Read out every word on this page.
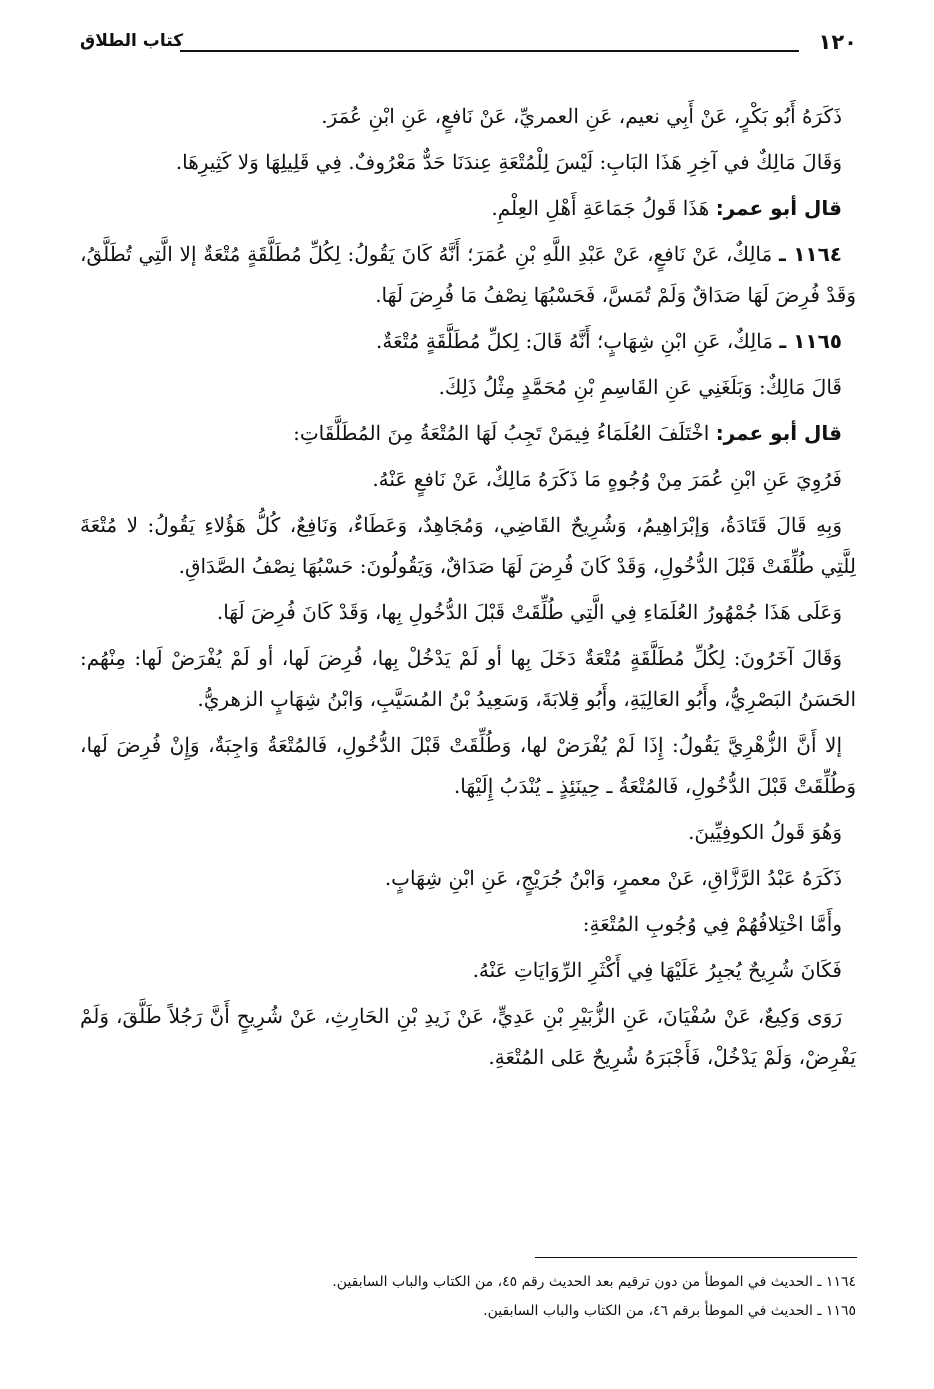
١٢٠
كتاب الطلاق

ذَكَرَهُ أَبُو بَكْرٍ، عَنْ أَبِي نعيم، عَنِ العمريِّ، عَنْ نَافعٍ، عَنِ ابْنِ عُمَرَ.

وَقَالَ مَالِكٌ في آخِرِ هَذَا البَابِ: لَيْسَ لِلْمُتْعَةِ عِندَنَا حَدٌّ مَعْرُوفٌ. فِي قَلِيلِهَا وَلا كَثِيرِهَا.

قال أبو عمر: هَذَا قَولُ جَمَاعَةِ أَهْلِ العِلْمِ.

١١٦٤ ـ مَالِكٌ، عَنْ نَافعٍ، عَنْ عَبْدِ اللَّهِ بْنِ عُمَرَ؛ أَنَّهُ كَانَ يَقُولُ: لِكُلِّ مُطَلَّقَةٍ مُتْعَةٌ إلا الَّتِي تُطَلَّقُ، وَقَدْ فُرِضَ لَهَا صَدَاقٌ وَلَمْ تُمَسَّ، فَحَسْبُهَا نِصْفُ مَا فُرِضَ لَهَا.

١١٦٥ ـ مَالِكٌ، عَنِ ابْنِ شِهَابٍ؛ أَنَّهُ قَالَ: لِكلِّ مُطَلَّقَةٍ مُتْعَةٌ.

قَالَ مَالِكٌ: وَبَلَغَنِي عَنِ القَاسِمِ بْنِ مُحَمَّدٍ مِثْلُ ذَلِكَ.

قال أبو عمر: اخْتَلَفَ العُلَمَاءُ فِيمَنْ تَجِبُ لَهَا المُتْعَةُ مِنَ المُطَلَّقَاتِ:

فَرُوِيَ عَنِ ابْنِ عُمَرَ مِنْ وُجُوهٍ مَا ذَكَرَهُ مَالِكٌ، عَنْ نَافعٍ عَنْهُ.

وَبِهِ قَالَ قَتَادَةُ، وَإبْرَاهِيمُ، وَشُرِيحٌ القَاضِي، وَمُجَاهِدٌ، وَعَطَاءٌ، وَنَافِعٌ، كُلُّ هَؤُلاءِ يَقُولُ: لا مُتْعَةَ لِلَّتِي طُلِّقَتْ قَبْلَ الدُّخُولِ، وَقَدْ كَانَ فُرِضَ لَهَا صَدَاقٌ، وَيَقُولُونَ: حَسْبُهَا نِصْفُ الصَّدَاقِ.

وَعَلَى هَذَا جُمْهُورُ العُلَمَاءِ فِي الَّتِي طُلِّقَتْ قَبْلَ الدُّخُولِ بِها، وَقَدْ كَانَ فُرِضَ لَهَا.

وَقَالَ آخَرُونَ: لِكُلِّ مُطَلَّقَةٍ مُتْعَةٌ دَخَلَ بِها أو لَمْ يَدْخُلْ بِها، فُرِضَ لَها، أو لَمْ يُفْرَضْ لَها: مِنْهُم: الحَسَنُ البَصْرِيُّ، وأَبُو العَالِيَةِ، وأَبُو قِلابَةَ، وَسَعِيدُ بْنُ المُسَيَّبِ، وَابْنُ شِهَابٍ الزهريُّ.

إلا أَنَّ الزُّهْرِيَّ يَقُولُ: إِذَا لَمْ يُفْرَضْ لها، وَطُلِّقَتْ قَبْلَ الدُّخُولِ، فَالمُتْعَةُ وَاجِبَةٌ، وَإِنْ فُرِضَ لَها، وَطُلِّقَتْ قَبْلَ الدُّخُولِ، فَالمُتْعَةُ ـ حِينَئِذٍ ـ يُنْدَبُ إِلَيْهَا.

وَهُوَ قَولُ الكوفِيِّينَ.

ذَكَرَهُ عَبْدُ الرَّزَّاقِ، عَنْ معمرٍ، وَابْنُ جُرَيْجٍ، عَنِ ابْنِ شِهَابٍ.

وأَمَّا اخْتِلافُهُمْ فِي وُجُوبِ المُتْعَةِ:

فَكَانَ شُرِيحٌ يُجبِرُ عَلَيْهَا فِي أَكْثَرِ الرِّوَايَاتِ عَنْهُ.

رَوَى وَكِيعٌ، عَنْ سُفْيَانَ، عَنِ الزُّبَيْرِ بْنِ عَدِيٍّ، عَنْ زَيدِ بْنِ الحَارِثِ، عَنْ شُرِيحٍ أَنَّ رَجُلاً طَلَّقَ، وَلَمْ يَفْرِضْ، وَلَمْ يَدْخُلْ، فَأَجْبَرَهُ شُرِيحٌ عَلى المُتْعَةِ.

١١٦٤ ـ الحديث في الموطأ من دون ترقيم بعد الحديث رقم ٤٥، من الكتاب والباب السابقين.

١١٦٥ ـ الحديث في الموطأ برقم ٤٦، من الكتاب والباب السابقين.
